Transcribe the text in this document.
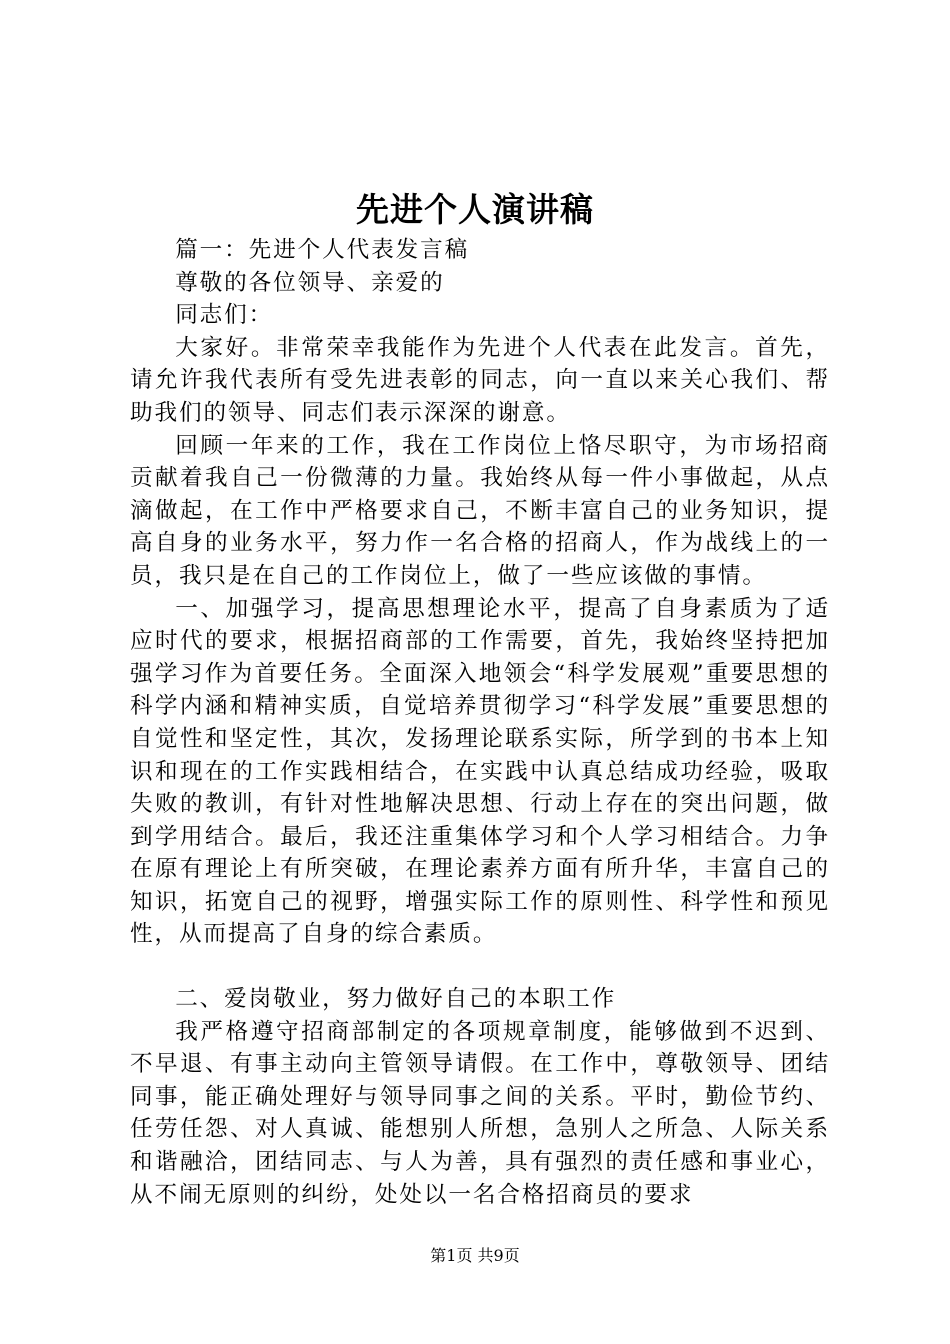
先进个人演讲稿

篇一：先进个人代表发言稿

尊敬的各位领导、亲爱的

同志们：

大家好。非常荣幸我能作为先进个人代表在此发言。首先，请允许我代表所有受先进表彰的同志，向一直以来关心我们、帮助我们的领导、同志们表示深深的谢意。

回顾一年来的工作，我在工作岗位上恪尽职守，为市场招商贡献着我自己一份微薄的力量。我始终从每一件小事做起，从点滴做起，在工作中严格要求自己，不断丰富自己的业务知识，提高自身的业务水平，努力作一名合格的招商人，作为战线上的一员，我只是在自己的工作岗位上，做了一些应该做的事情。

一、加强学习，提高思想理论水平，提高了自身素质为了适应时代的要求，根据招商部的工作需要，首先，我始终坚持把加强学习作为首要任务。全面深入地领会“科学发展观”重要思想的科学内涵和精神实质，自觉培养贯彻学习“科学发展”重要思想的自觉性和坚定性，其次，发扬理论联系实际，所学到的书本上知识和现在的工作实践相结合，在实践中认真总结成功经验，吸取失败的教训，有针对性地解决思想、行动上存在的突出问题，做到学用结合。最后，我还注重集体学习和个人学习相结合。力争在原有理论上有所突破，在理论素养方面有所升华，丰富自己的知识，拓宽自己的视野，增强实际工作的原则性、科学性和预见性，从而提高了自身的综合素质。

二、爱岗敬业，努力做好自己的本职工作

我严格遵守招商部制定的各项规章制度，能够做到不迟到、不早退、有事主动向主管领导请假。在工作中，尊敬领导、团结同事，能正确处理好与领导同事之间的关系。平时，勤俭节约、任劳任怨、对人真诚、能想别人所想，急别人之所急、人际关系和谐融洽，团结同志、与人为善，具有强烈的责任感和事业心，从不闹无原则的纠纷，处处以一名合格招商员的要求

第1页 共9页
